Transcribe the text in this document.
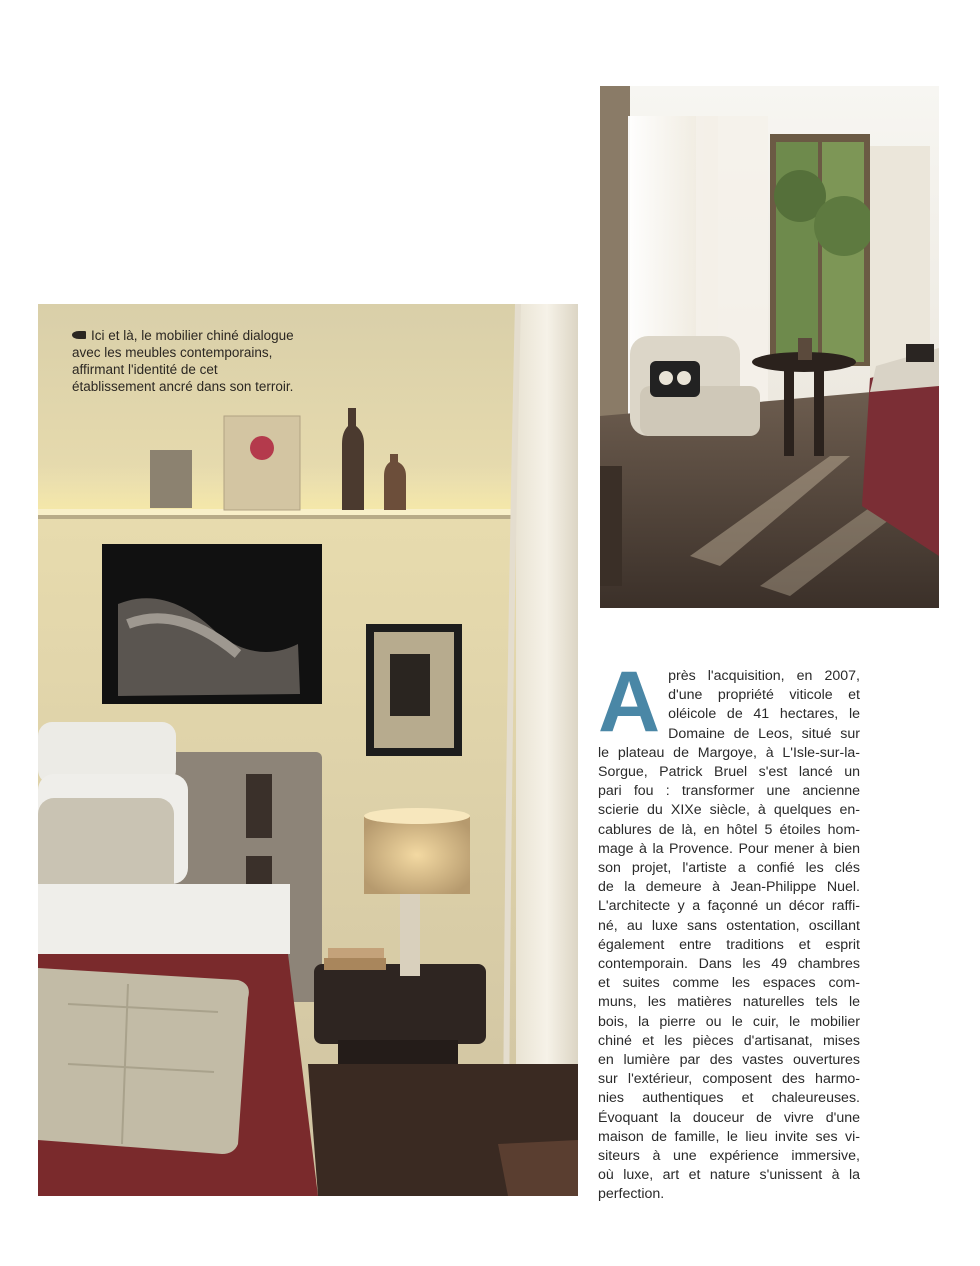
Ici et là, le mobilier chiné dialogue
avec les meubles contemporains,
affirmant l'identité de cet
établissement ancré dans son terroir.
A près l'acquisition, en 2007,
d'une propriété viticole et
oléicole de 41 hectares, le
Domaine de Leos, situé sur
le plateau de Margoye, à L'Isle-sur-la-
Sorgue, Patrick Bruel s'est lancé un
pari fou : transformer une ancienne
scierie du XIXe siècle, à quelques en-
cablures de là, en hôtel 5 étoiles hom-
mage à la Provence. Pour mener à bien
son projet, l'artiste a confié les clés
de la demeure à Jean-Philippe Nuel.
L'architecte y a façonné un décor raffi-
né, au luxe sans ostentation, oscillant
également entre traditions et esprit
contemporain. Dans les 49 chambres
et suites comme les espaces com-
muns, les matières naturelles tels le
bois, la pierre ou le cuir, le mobilier
chiné et les pièces d'artisanat, mises
en lumière par des vastes ouvertures
sur l'extérieur, composent des harmo-
nies authentiques et chaleureuses.
Évoquant la douceur de vivre d'une
maison de famille, le lieu invite ses vi-
siteurs à une expérience immersive,
où luxe, art et nature s'unissent à la
perfection.
